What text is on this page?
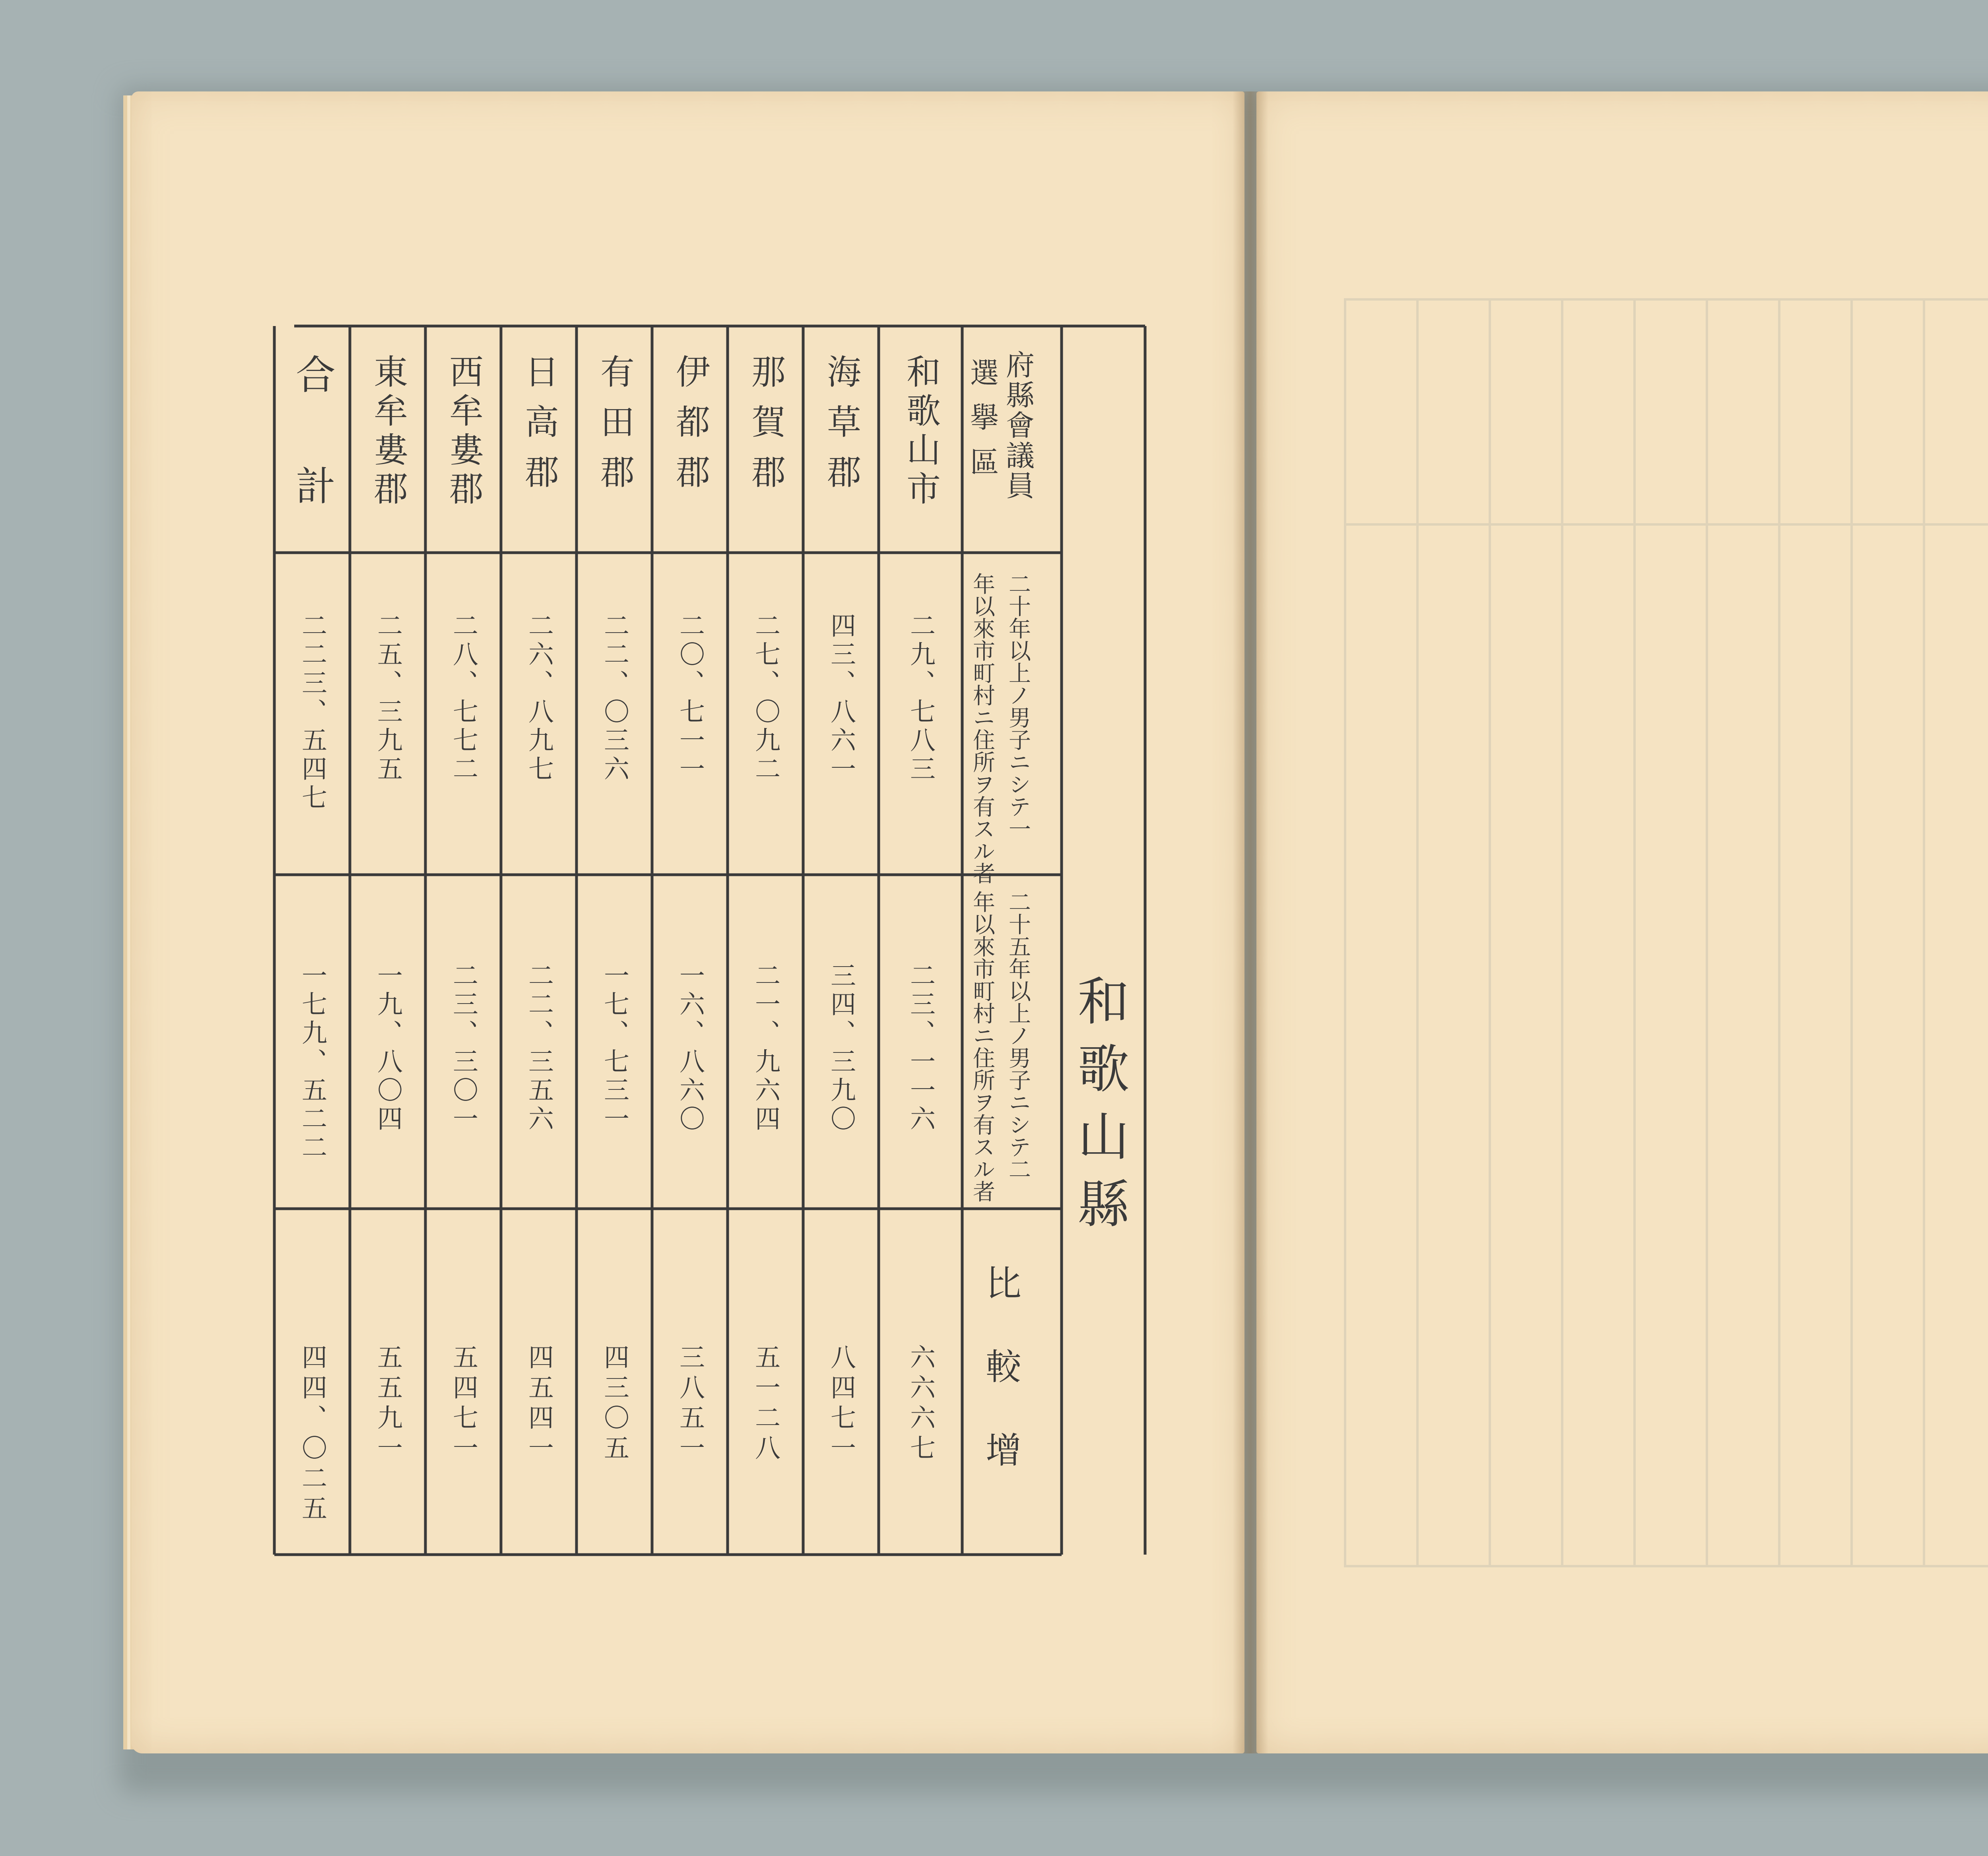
府縣會議員
選擧區
二十年以上ノ男子ニシテ一
年以來市町村ニ住所ヲ有スル者
二十五年以上ノ男子ニシテ二
年以來市町村ニ住所ヲ有スル者
比較增
和歌山市
二九、七八三
二三、一一六
六六六七
海草郡
四三、八六一
三四、三九〇
八四七一
那賀郡
二七、〇九二
二一、九六四
五一二八
伊都郡
二〇、七一一
一六、八六〇
三八五一
有田郡
二二、〇三六
一七、七三一
四三〇五
日高郡
二六、八九七
二二、三五六
四五四一
西牟婁郡
二八、七七二
二三、三〇一
五四七一
東牟婁郡
二五、三九五
一九、八〇四
五五九一
合計
二二三、五四七
一七九、五二二
四四、〇二五
和歌山縣
